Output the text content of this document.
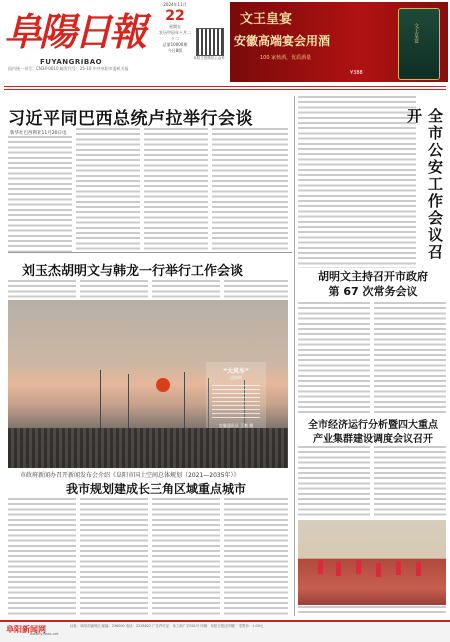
阜陽日報
FUYANGRIBAO
国内统一刊号：CN34-0010 邮发代号：25-10 中共阜阳市委机关报
2024年11月
22
星期五
农历甲辰年十月二十二
总第10000期
今日8版
阜阳日报微信公众号
文王皇宴
安徽高端宴会用酒
100 家核酒，优质酒量
¥388
文王皇宴
习近平同巴西总统卢拉举行会谈
新华社巴西利亚11月20日电	全市公安工作会议召开
刘玉杰胡明文与韩龙一行举行工作会谈
“大风车”
送绿明
安徽通讯员 王勤 摄
市政府新闻办召开新闻发布会介绍《阜阳市国土空间总体规划（2021—2035年）》
我市规划建成长三角区域重点城市
胡明文主持召开市政府
第 67 次常务会议
全市经济运行分析暨四大重点
产业集群建设调度会议召开
阜阳新闻网
www.fynews.net
社址：阜阳市颍州区 邮编：236000 电话：2228822 广告许可证：阜工商广字001号 印刷：阜阳日报社印刷厂 零售价：1.00元
